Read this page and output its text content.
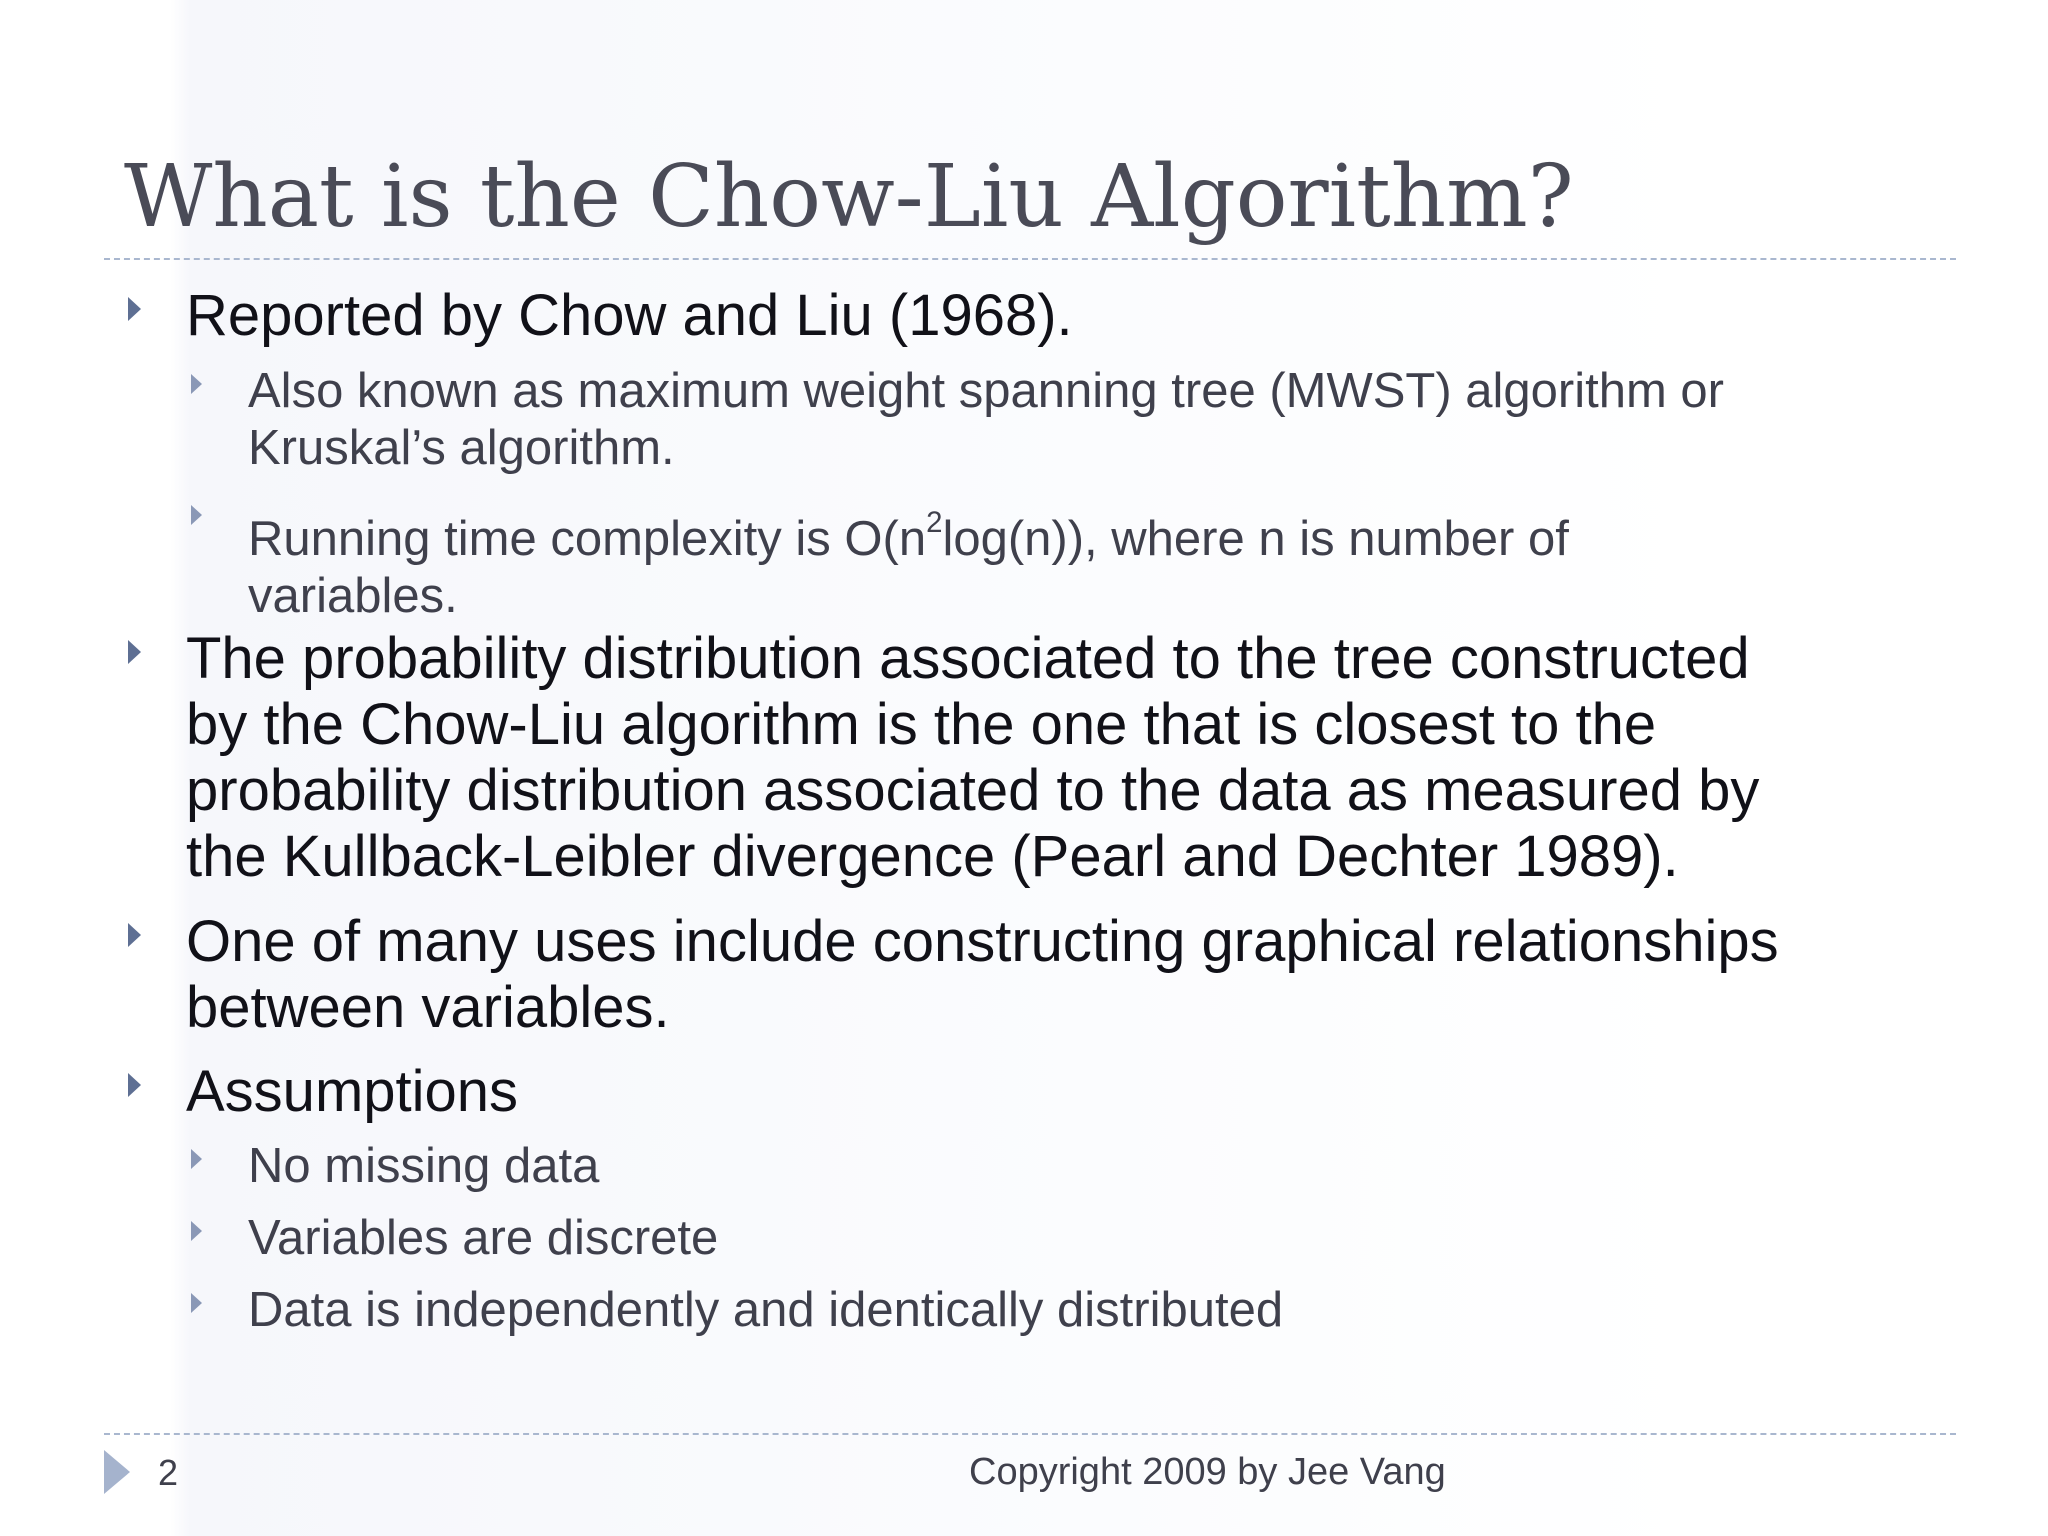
What is the Chow-Liu Algorithm?
Reported by Chow and Liu (1968).
Also known as maximum weight spanning tree (MWST) algorithm or
Kruskal’s algorithm.
Running time complexity is $O(n^2\log(n))$, where n is number of
variables.
The probability distribution associated to the tree constructed
by the Chow-Liu algorithm is the one that is closest to the
probability distribution associated to the data as measured by
the Kullback-Leibler divergence (Pearl and Dechter 1989).
One of many uses include constructing graphical relationships
between variables.
Assumptions
No missing data
Variables are discrete
Data is independently and identically distributed
2	Copyright 2009 by Jee Vang
